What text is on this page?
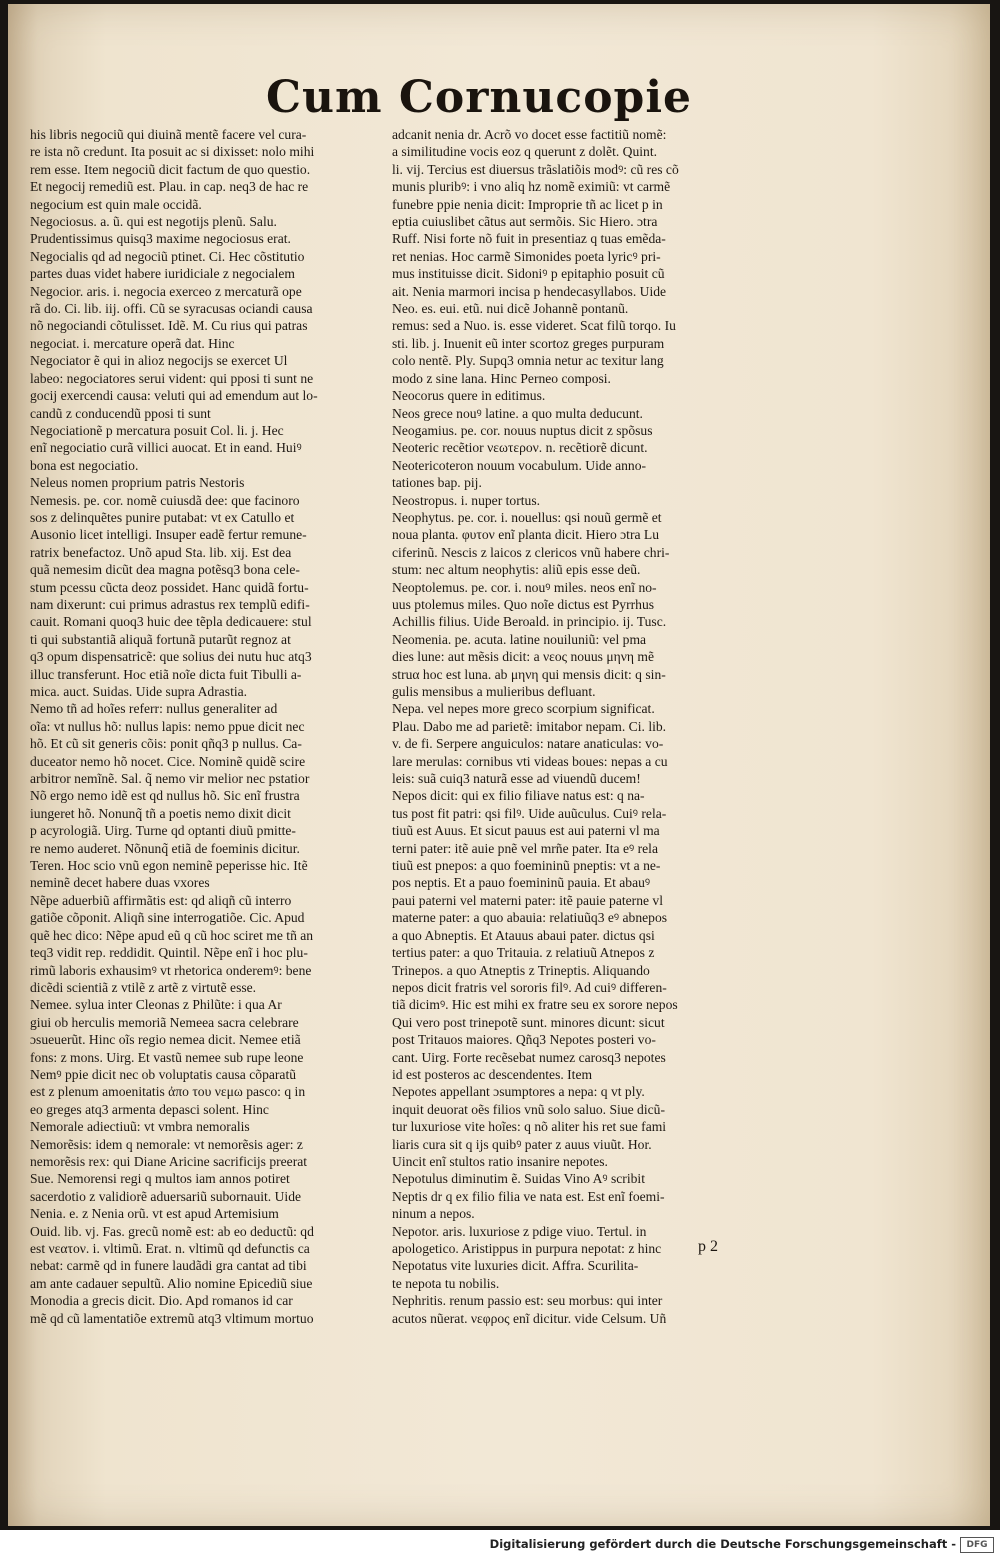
Cum Cornucopie
his libris negociũ qui diuinã mentẽ facere vel cura-
re ista nõ credunt. Ita posuit ac si dixisset: nolo mihi
rem esse. Item negociũ dicit factum de quo questio.
Et negocij remediũ est. Plau. in cap. neq3 de hac re
negocium est quin male occidã.
Negociosus. a. ũ. qui est negotijs plenũ. Salu.
Prudentissimus quisq3 maxime negociosus erat.
Negocialis qd ad negociũ ptinet. Ci. Hec cõstitutio
partes duas videt habere iuridiciale z negocialem
Negocior. aris. i. negocia exerceo z mercaturã ope
rã do. Ci. lib. iij. offi. Cũ se syracusas ociandi causa
nõ negociandi cõtulisset. Idẽ. M. Cu rius qui patras
negociat. i. mercature operã dat. Hinc
Negociator ẽ qui in alioz negocijs se exercet Ul
labeo: negociatores serui vident: qui pposi ti sunt ne
gocij exercendi causa: veluti qui ad emendum aut lo-
candũ z conducendũ pposi ti sunt
Negociationẽ p mercatura posuit Col. li. j. Hec
enĩ negociatio curã villici auocat. Et in eand. Huiꝰ
bona est negociatio.
Neleus nomen proprium patris Nestoris
Nemesis. pe. cor. nomẽ cuiusdã dee: que facinoro
sos z delinquẽtes punire putabat: vt ex Catullo et
Ausonio licet intelligi. Insuper eadẽ fertur remune-
ratrix benefactoz. Unõ apud Sta. lib. xij. Est dea
quã nemesim dicũt dea magna potẽsq3 bona cele-
stum pcessu cũcta deoz possidet. Hanc quidã fortu-
nam dixerunt: cui primus adrastus rex templũ edifi-
cauit. Romani quoq3 huic dee tẽpla dedicauere: stul
ti qui substantiã aliquã fortunã putarũt regnoz at
q3 opum dispensatricẽ: que solius dei nutu huc atq3
illuc transferunt. Hoc etiã noĩe dicta fuit Tibulli a-
mica. auct. Suidas. Uide supra Adrastia.
Nemo tñ ad hoĩes referr: nullus generaliter ad
oĩa: vt nullus hõ: nullus lapis: nemo ppue dicit nec
hõ. Et cũ sit generis cõis: ponit qñq3 p nullus. Ca-
duceator nemo hõ nocet. Cice. Nominẽ quidẽ scire
arbitror nemĩnẽ. Sal. q̃ nemo vir melior nec pstatior
Nõ ergo nemo idẽ est qd nullus hõ. Sic enĩ frustra
iungeret hõ. Nonunq̃ tñ a poetis nemo dixit dicit
p acyrologiã. Uirg. Turne qd optanti diuũ pmitte-
re nemo auderet. Nõnunq̃ etiã de foeminis dicitur.
Teren. Hoc scio vnũ egon neminẽ peperisse hic. Itẽ
neminẽ decet habere duas vxores
Nẽpe aduerbiũ affirmãtis est: qd aliqñ cũ interro
gatiõe cõponit. Aliqñ sine interrogatiõe. Cic. Apud
quẽ hec dico: Nẽpe apud eũ q cũ hoc sciret me tñ an
teq3 vidit rep. reddidit. Quintil. Nẽpe enĩ i hoc plu-
rimũ laboris exhausimꝰ vt rhetorica onderemꝰ: bene
dicẽdi scientiã z vtilẽ z artẽ z virtutẽ esse.
Nemee. sylua inter Cleonas z Philũte: i qua Ar
giui ob herculis memoriã Nemeea sacra celebrare
ɔsueuerũt. Hinc oĩs regio nemea dicit. Nemee etiã
fons: z mons. Uirg. Et vastũ nemee sub rupe leone
Nemꝰ ppie dicit nec ob voluptatis causa cõparatũ
est z plenum amoenitatis ἀπο του νεμω pasco: q in
eo greges atq3 armenta depasci solent. Hinc
Nemorale adiectiuũ: vt vmbra nemoralis
Nemorẽsis: idem q nemorale: vt nemorẽsis ager: z
nemorẽsis rex: qui Diane Aricine sacrificijs preerat
Sue. Nemorensi regi q multos iam annos potiret
sacerdotio z validiorẽ aduersariũ subornauit. Uide
Nenia. e. z Nenia orũ. vt est apud Artemisium
Ouid. lib. vj. Fas. grecũ nomẽ est: ab eo deductũ: qd
est νεατον. i. vltimũ. Erat. n. vltimũ qd defunctis ca
nebat: carmẽ qd in funere laudãdi gra cantat ad tibi
am ante cadauer sepultũ. Alio nomine Epicediũ siue
Monodia a grecis dicit. Dio. Apd romanos id car
mẽ qd cũ lamentatiõe extremũ atq3 vltimum mortuo
adcanit nenia dr. Acrõ vo docet esse factitiũ nomẽ:
a similitudine vocis eoz q querunt z dolẽt. Quint.
li. vij. Tercius est diuersus trãslatiõis modꝰ: cũ res cõ
munis pluribꝰ: i vno aliq hz nomẽ eximiũ: vt carmẽ
funebre ppie nenia dicit: Improprie tñ ac licet p in
eptia cuiuslibet cãtus aut sermõis. Sic Hiero. ɔtra
Ruff. Nisi forte nõ fuit in presentiaz q tuas emẽda-
ret nenias. Hoc carmẽ Simonides poeta lyricꝰ pri-
mus instituisse dicit. Sidoniꝰ p epitaphio posuit cũ
ait. Nenia marmori incisa p hendecasyllabos. Uide
Neo. es. eui. etũ. nui dicẽ Johannẽ pontanũ.
remus: sed a Nuo. is. esse videret. Scat filũ torqo. Iu
sti. lib. j. Inuenit eũ inter scortoz greges purpuram
colo nentẽ. Ply. Supq3 omnia netur ac texitur lang
modo z sine lana. Hinc Perneo composi.
Neocorus quere in editimus.
Neos grece nouꝰ latine. a quo multa deducunt.
Neogamius. pe. cor. nouus nuptus dicit z spõsus
Neoteric recẽtior νεωτερον. n. recẽtiorẽ dicunt.
Neotericoteron nouum vocabulum. Uide anno-
tationes bap. pij.
Neostropus. i. nuper tortus.
Neophytus. pe. cor. i. nouellus: qsi nouũ germẽ et
noua planta. φυτον enĩ planta dicit. Hiero ɔtra Lu
ciferinũ. Nescis z laicos z clericos vnũ habere chri-
stum: nec altum neophytis: aliũ epis esse deũ.
Neoptolemus. pe. cor. i. nouꝰ miles. neos enĩ no-
uus ptolemus miles. Quo noĩe dictus est Pyrrhus
Achillis filius. Uide Beroald. in principio. ij. Tusc.
Neomenia. pe. acuta. latine nouiluniũ: vel pma
dies lune: aut mẽsis dicit: a νεος nouus μηνη mẽ
struα hoc est luna. ab μηνη qui mensis dicit: q sin-
gulis mensibus a mulieribus defluant.
Nepa. vel nepes more greco scorpium significat.
Plau. Dabo me ad parietẽ: imitabor nepam. Ci. lib.
v. de fi. Serpere anguiculos: natare anaticulas: vo-
lare merulas: cornibus vti videas boues: nepas a cu
leis: suã cuiq3 naturã esse ad viuendũ ducem!
Nepos dicit: qui ex filio filiave natus est: q na-
tus post fit patri: qsi filꝰ. Uide auũculus. Cuiꝰ rela-
tiuũ est Auus. Et sicut pauus est aui paterni vl ma
terni pater: itẽ auie pnẽ vel mrñe pater. Ita eꝰ rela
tiuũ est pnepos: a quo foemininũ pneptis: vt a ne-
pos neptis. Et a pauo foemininũ pauia. Et abauꝰ
paui paterni vel materni pater: itẽ pauie paterne vl
materne pater: a quo abauia: relatiuũq3 eꝰ abnepos
a quo Abneptis. Et Atauus abaui pater. dictus qsi
tertius pater: a quo Tritauia. z relatiuũ Atnepos z
Trinepos. a quo Atneptis z Trineptis. Aliquando
nepos dicit fratris vel sororis filꝰ. Ad cuiꝰ differen-
tiã dicimꝰ. Hic est mihi ex fratre seu ex sorore nepos
Qui vero post trinepotẽ sunt. minores dicunt: sicut
post Tritauos maiores. Qñq3 Nepotes posteri vo-
cant. Uirg. Forte recẽsebat numez carosq3 nepotes
id est posteros ac descendentes. Item
Nepotes appellant ɔsumptores a nepa: q vt ply.
inquit deuorat oẽs filios vnũ solo saluo. Siue dicũ-
tur luxuriose vite hoĩes: q nõ aliter his ret sue fami
liaris cura sit q ijs quibꝰ pater z auus viuũt. Hor.
Uincit enĩ stultos ratio insanire nepotes.
Nepotulus diminutim ẽ. Suidas Vino Aꝰ scribit
Neptis dr q ex filio filia ve nata est. Est enĩ foemi-
ninum a nepos.
Nepotor. aris. luxuriose z pdige viuo. Tertul. in
apologetico. Aristippus in purpura nepotat: z hinc
Nepotatus vite luxuries dicit. Affra. Scurilita-
te nepota tu nobilis.
Nephritis. renum passio est: seu morbus: qui inter
acutos nũerat. νεφρος enĩ dicitur. vide Celsum. Uñ
p 2
Digitalisierung gefördert durch die Deutsche Forschungsgemeinschaft -	DFG
